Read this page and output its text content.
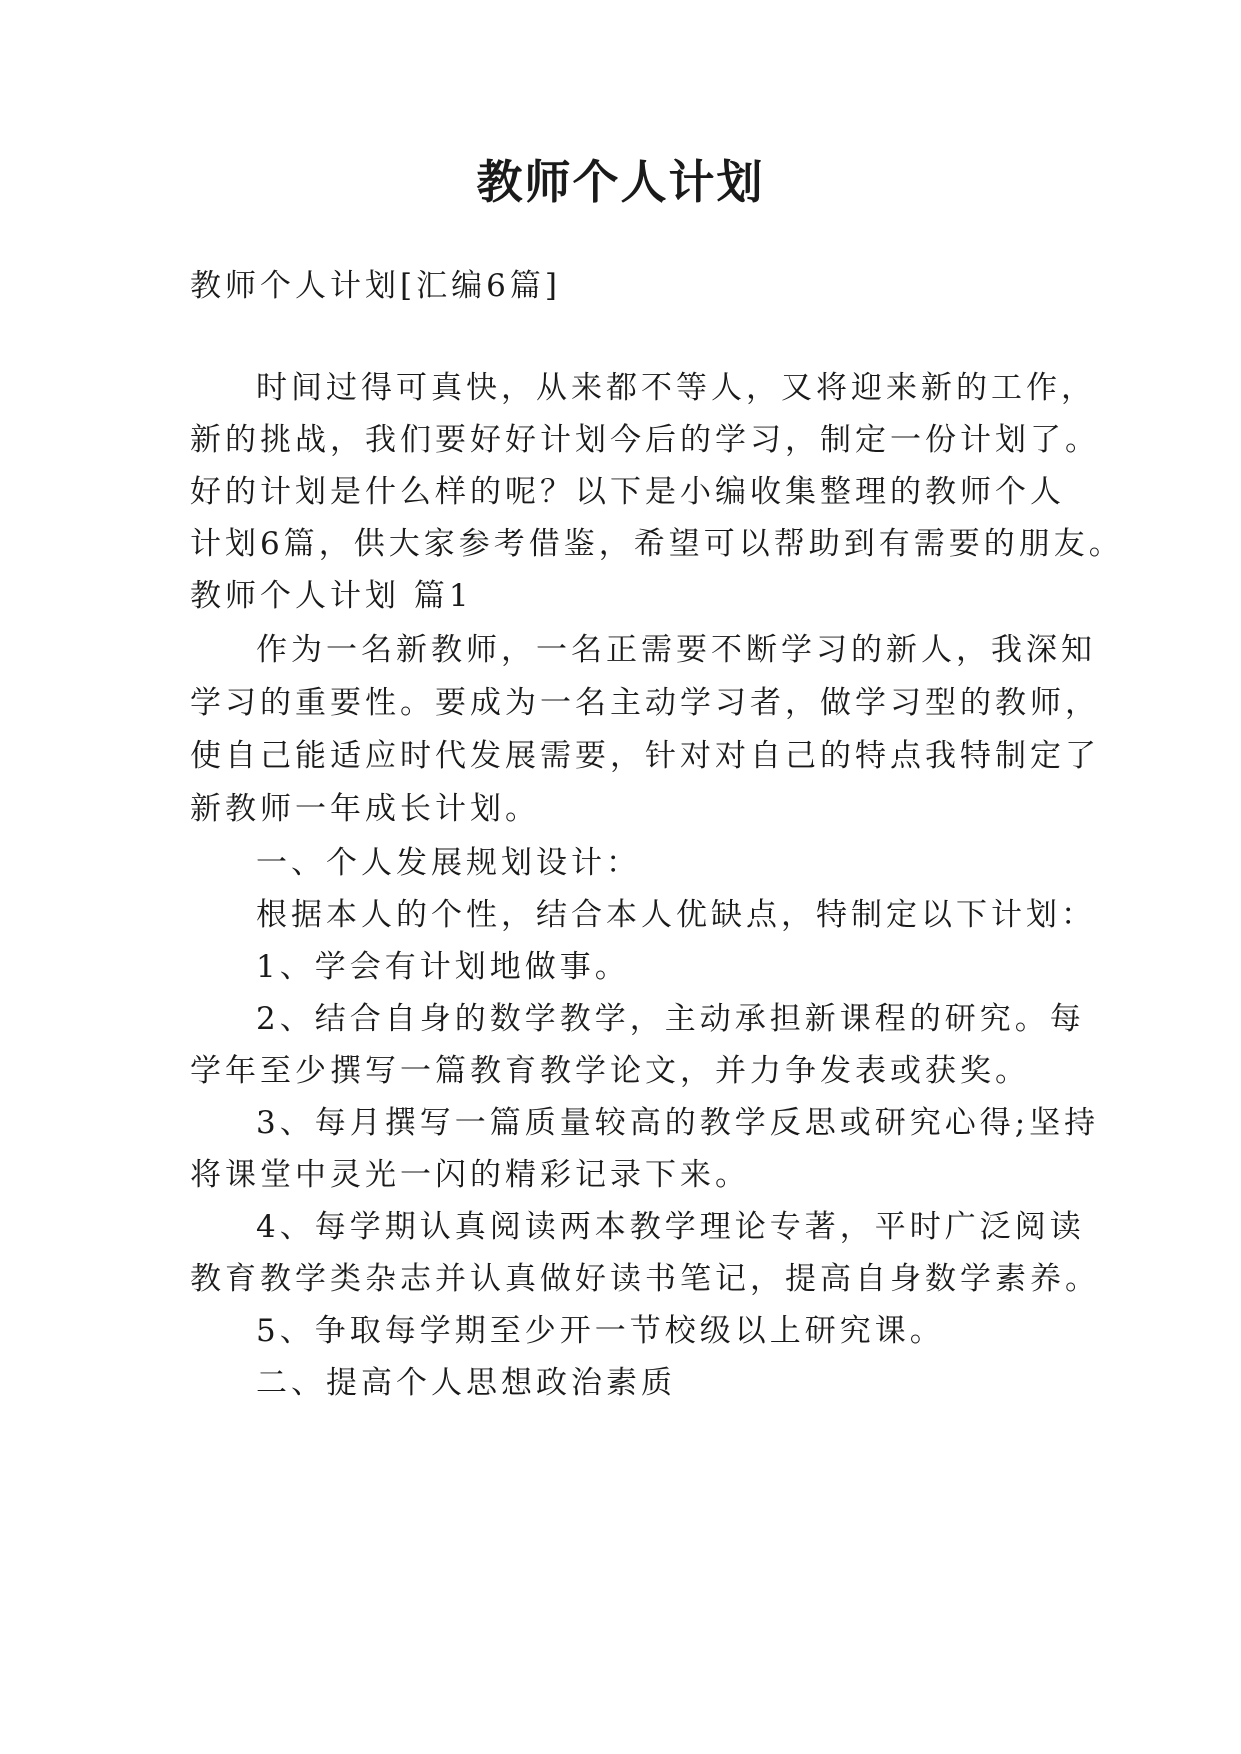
教师个人计划
教师个人计划[汇编6篇]
时间过得可真快，从来都不等人，又将迎来新的工作，
新的挑战，我们要好好计划今后的学习，制定一份计划了。
好的计划是什么样的呢？以下是小编收集整理的教师个人
计划6篇，供大家参考借鉴，希望可以帮助到有需要的朋友。
教师个人计划 篇1
作为一名新教师，一名正需要不断学习的新人，我深知
学习的重要性。要成为一名主动学习者，做学习型的教师，
使自己能适应时代发展需要，针对对自己的特点我特制定了
新教师一年成长计划。
一、个人发展规划设计：
根据本人的个性，结合本人优缺点，特制定以下计划：
1、学会有计划地做事。
2、结合自身的数学教学，主动承担新课程的研究。每
学年至少撰写一篇教育教学论文，并力争发表或获奖。
3、每月撰写一篇质量较高的教学反思或研究心得;坚持
将课堂中灵光一闪的精彩记录下来。
4、每学期认真阅读两本教学理论专著，平时广泛阅读
教育教学类杂志并认真做好读书笔记，提高自身数学素养。
5、争取每学期至少开一节校级以上研究课。
二、提高个人思想政治素质
